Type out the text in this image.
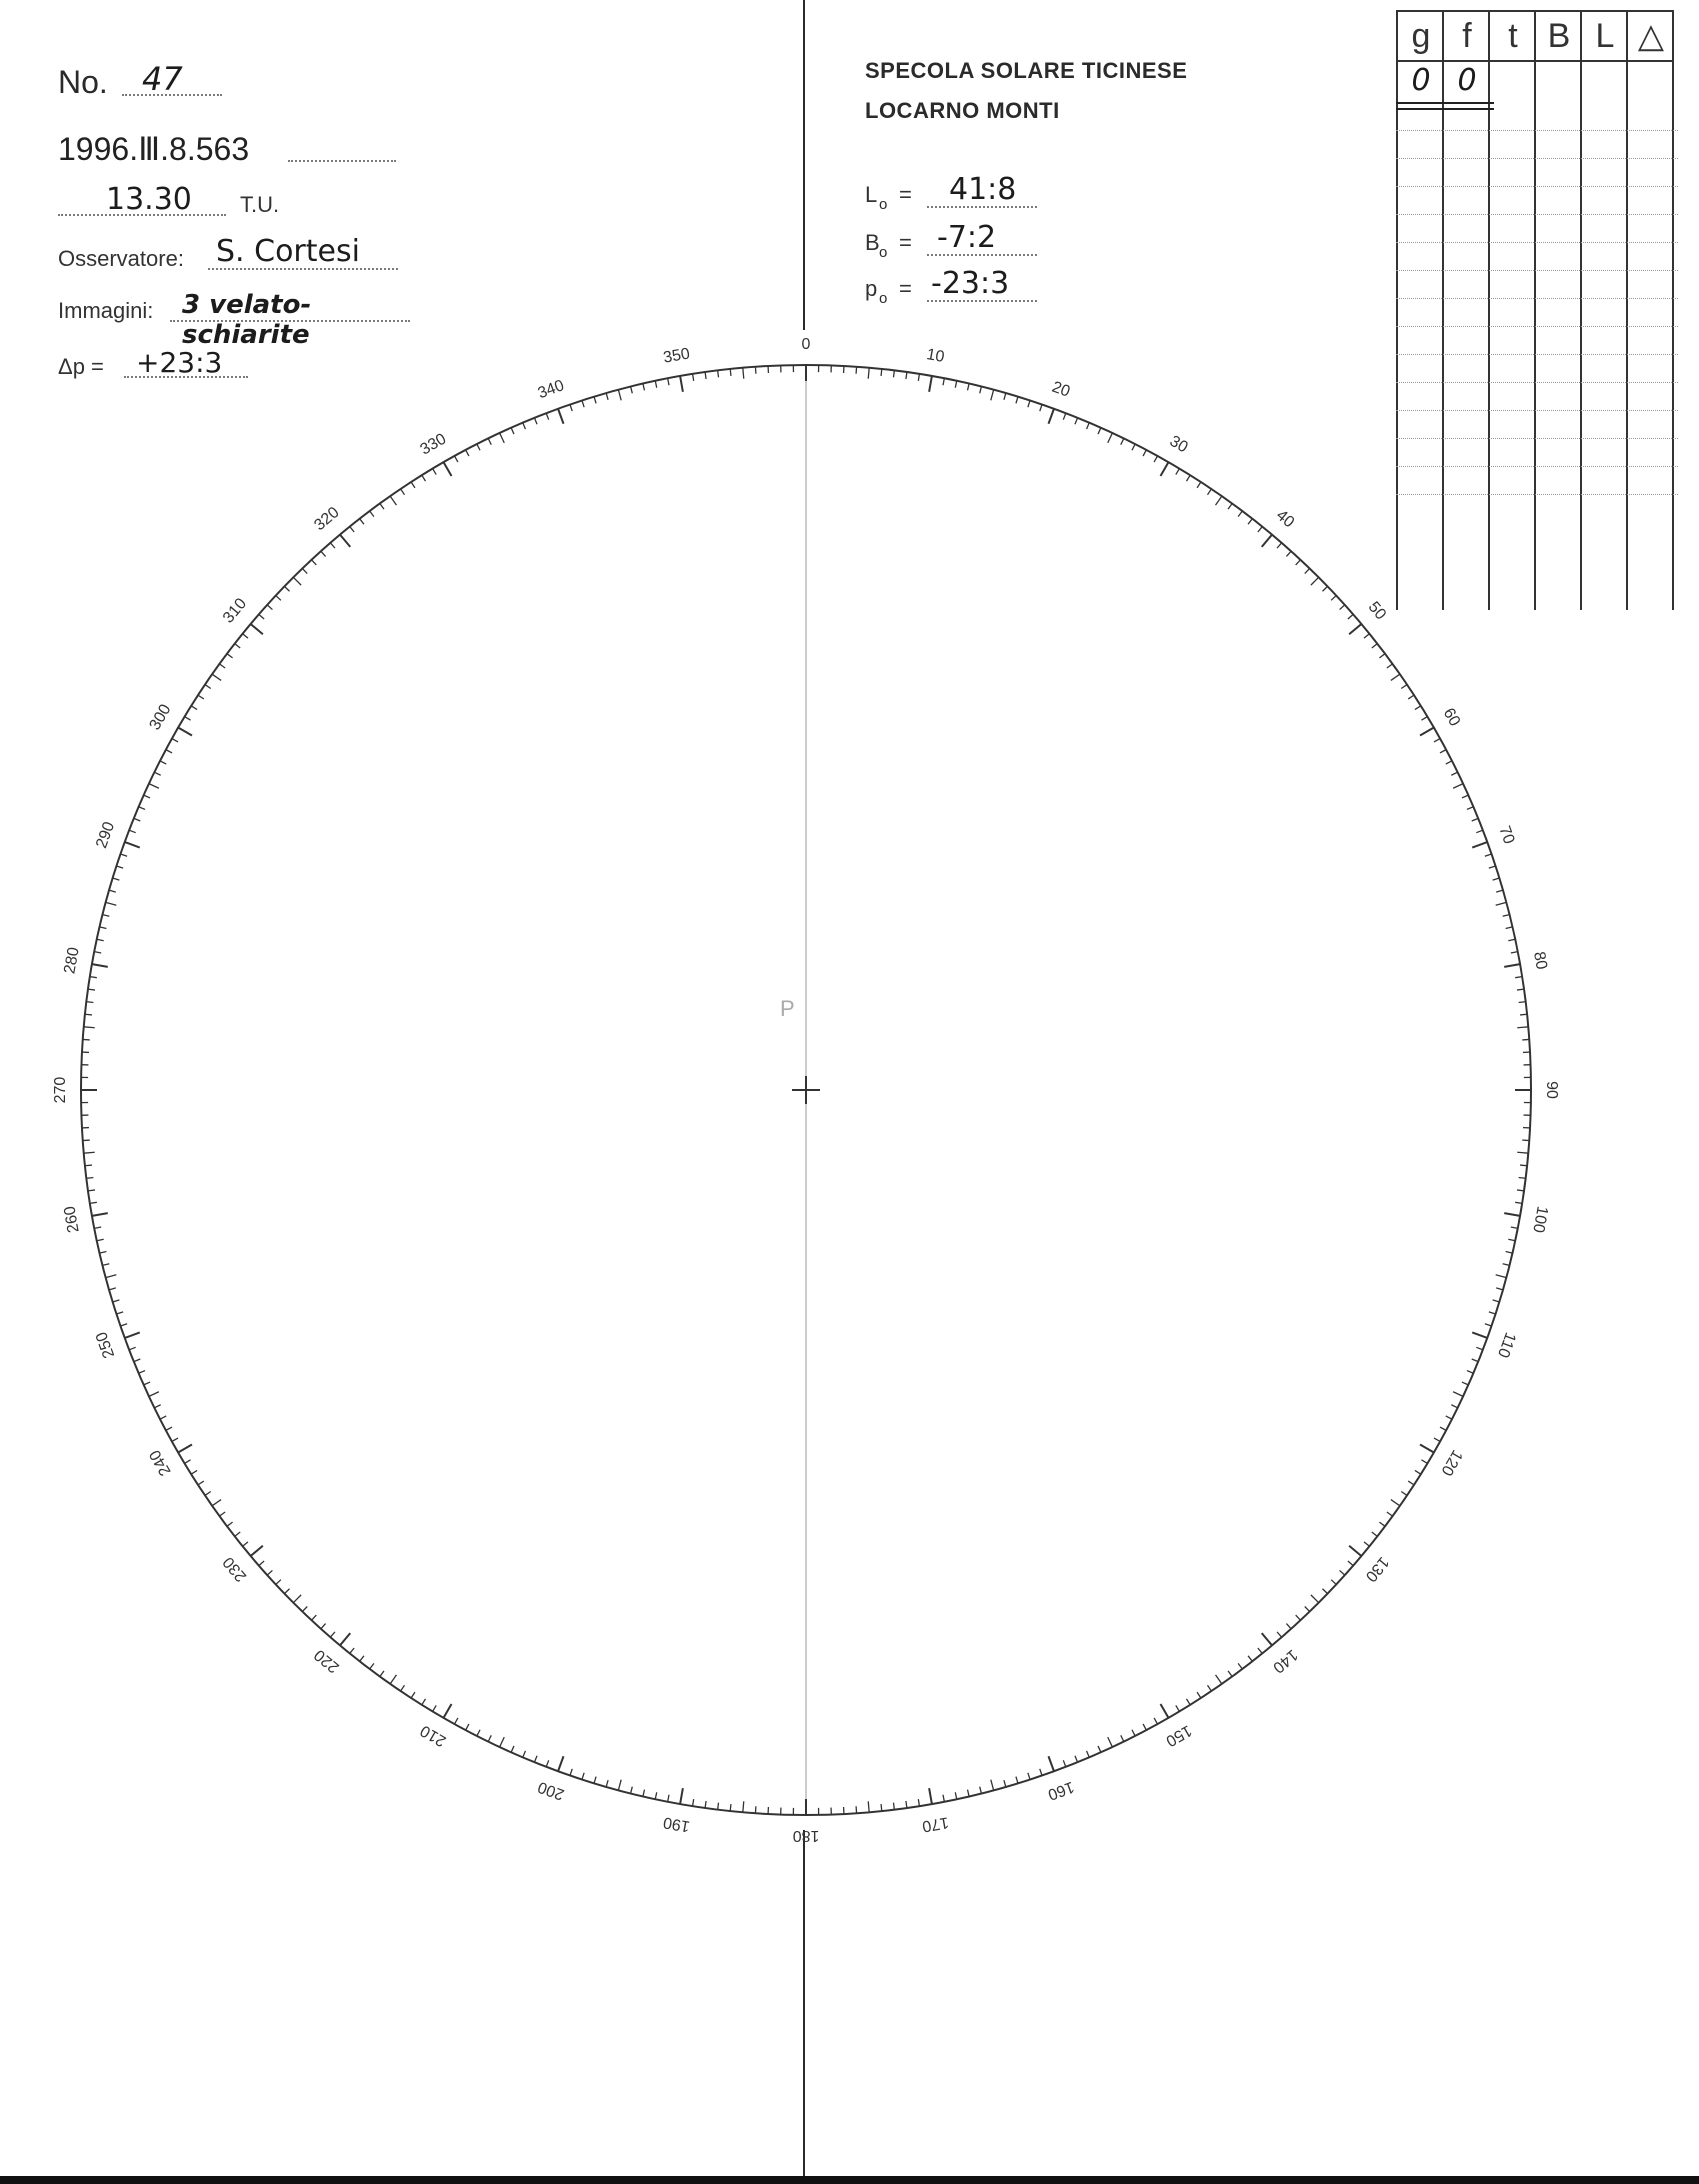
No. 47
1996.Ⅲ.8.563
13.30 T.U.
Osservatore: S. Cortesi
Immagini: 3 velato-schiarite
Δp = +23:3
SPECOLA SOLARE TICINESE
LOCARNO MONTI
L o = 41:8
B o = -7:2
p o = -23:3
g
0
f
0
t B L △
P
0
10
20
30
40
50
60
70
80
90
100
110
120
130
140
150
160
170
180
190
200
210
220
230
240
250
260
270
280
290
300
310
320
330
340
350
